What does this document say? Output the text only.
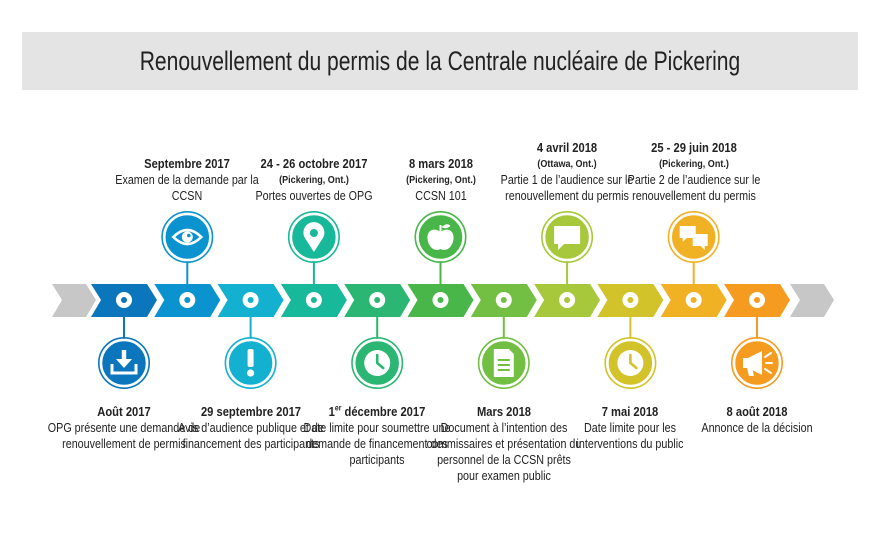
Renouvellement du permis de la Centrale nucléaire de Pickering
Août 2017
OPG présente une demande de renouvellement de permis
Septembre 2017
Examen de la demande par la CCSN
29 septembre 2017
Avis d’audience publique et de financement des participants
24 - 26 octobre 2017
(Pickering, Ont.)
Portes ouvertes de OPG
1er décembre 2017
Date limite pour soumettre une demande de financement des participants
8 mars 2018
(Pickering, Ont.)
CCSN 101
Mars 2018
Document à l’intention des commissaires et présentation du personnel de la CCSN prêts pour examen public
4 avril 2018
(Ottawa, Ont.)
Partie 1 de l’audience sur le renouvellement du permis
7 mai 2018
Date limite pour les interventions du public
25 - 29 juin 2018
(Pickering, Ont.)
Partie 2 de l’audience sur le renouvellement du permis
8 août 2018
Annonce de la décision
